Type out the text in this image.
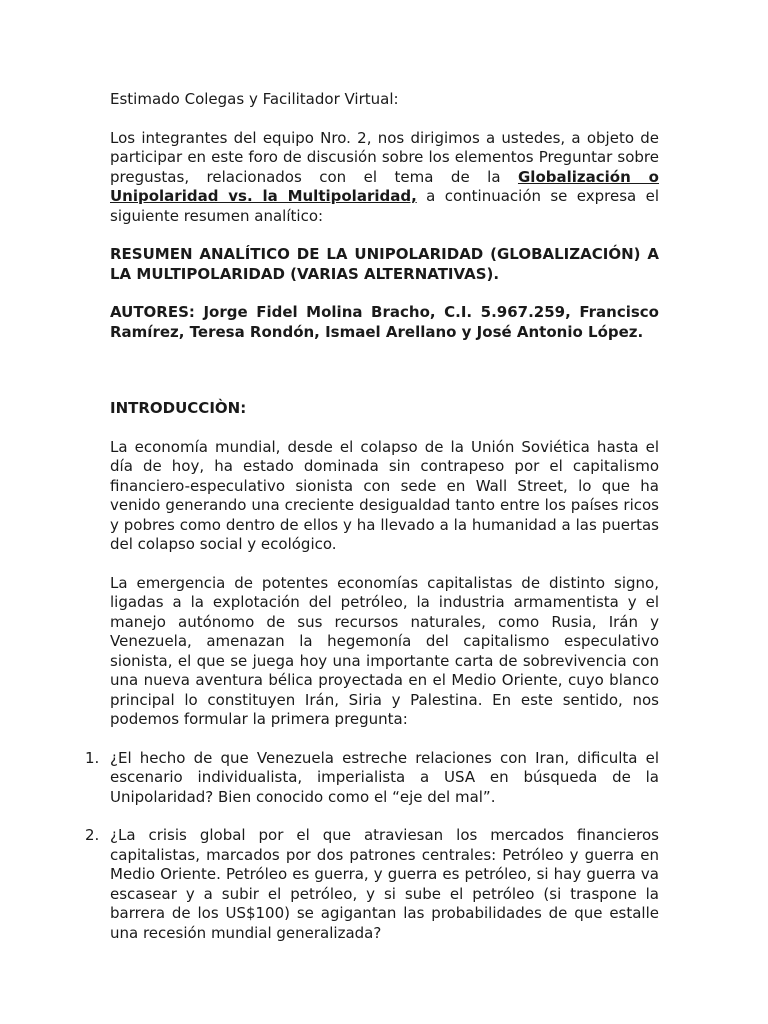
Estimado Colegas y Facilitador Virtual:

Los integrantes del equipo Nro. 2, nos dirigimos a ustedes, a objeto de participar en este foro de discusión sobre los elementos Preguntar sobre pregustas, relacionados con el tema de la Globalización o Unipolaridad vs. la Multipolaridad, a continuación se expresa el siguiente resumen analítico:

RESUMEN ANALÍTICO DE LA UNIPOLARIDAD (GLOBALIZACIÓN) A LA MULTIPOLARIDAD (VARIAS ALTERNATIVAS).

AUTORES: Jorge Fidel Molina Bracho, C.I. 5.967.259, Francisco Ramírez, Teresa Rondón, Ismael Arellano y José Antonio López.

INTRODUCCIÒN:

La economía mundial, desde el colapso de la Unión Soviética hasta el día de hoy, ha estado dominada sin contrapeso por el capitalismo financiero-especulativo sionista con sede en Wall Street, lo que ha venido generando una creciente desigualdad tanto entre los países ricos y pobres como dentro de ellos y ha llevado a la humanidad a las puertas del colapso social y ecológico.

La emergencia de potentes economías capitalistas de distinto signo, ligadas a la explotación del petróleo, la industria armamentista y el manejo autónomo de sus recursos naturales, como Rusia, Irán y Venezuela, amenazan la hegemonía del capitalismo especulativo sionista, el que se juega hoy una importante carta de sobrevivencia con una nueva aventura bélica proyectada en el Medio Oriente, cuyo blanco principal lo constituyen Irán, Siria y Palestina. En este sentido, nos podemos formular la primera pregunta:

1. ¿El hecho de que Venezuela estreche relaciones con Iran, dificulta el escenario individualista, imperialista a USA en búsqueda de la Unipolaridad? Bien conocido como el “eje del mal”.
2. ¿La crisis global por el que atraviesan los mercados financieros capitalistas, marcados por dos patrones centrales: Petróleo y guerra en Medio Oriente. Petróleo es guerra, y guerra es petróleo, si hay guerra va escasear y a subir el petróleo, y si sube el petróleo (si traspone la barrera de los US$100) se agigantan las probabilidades de que estalle una recesión mundial generalizada?
